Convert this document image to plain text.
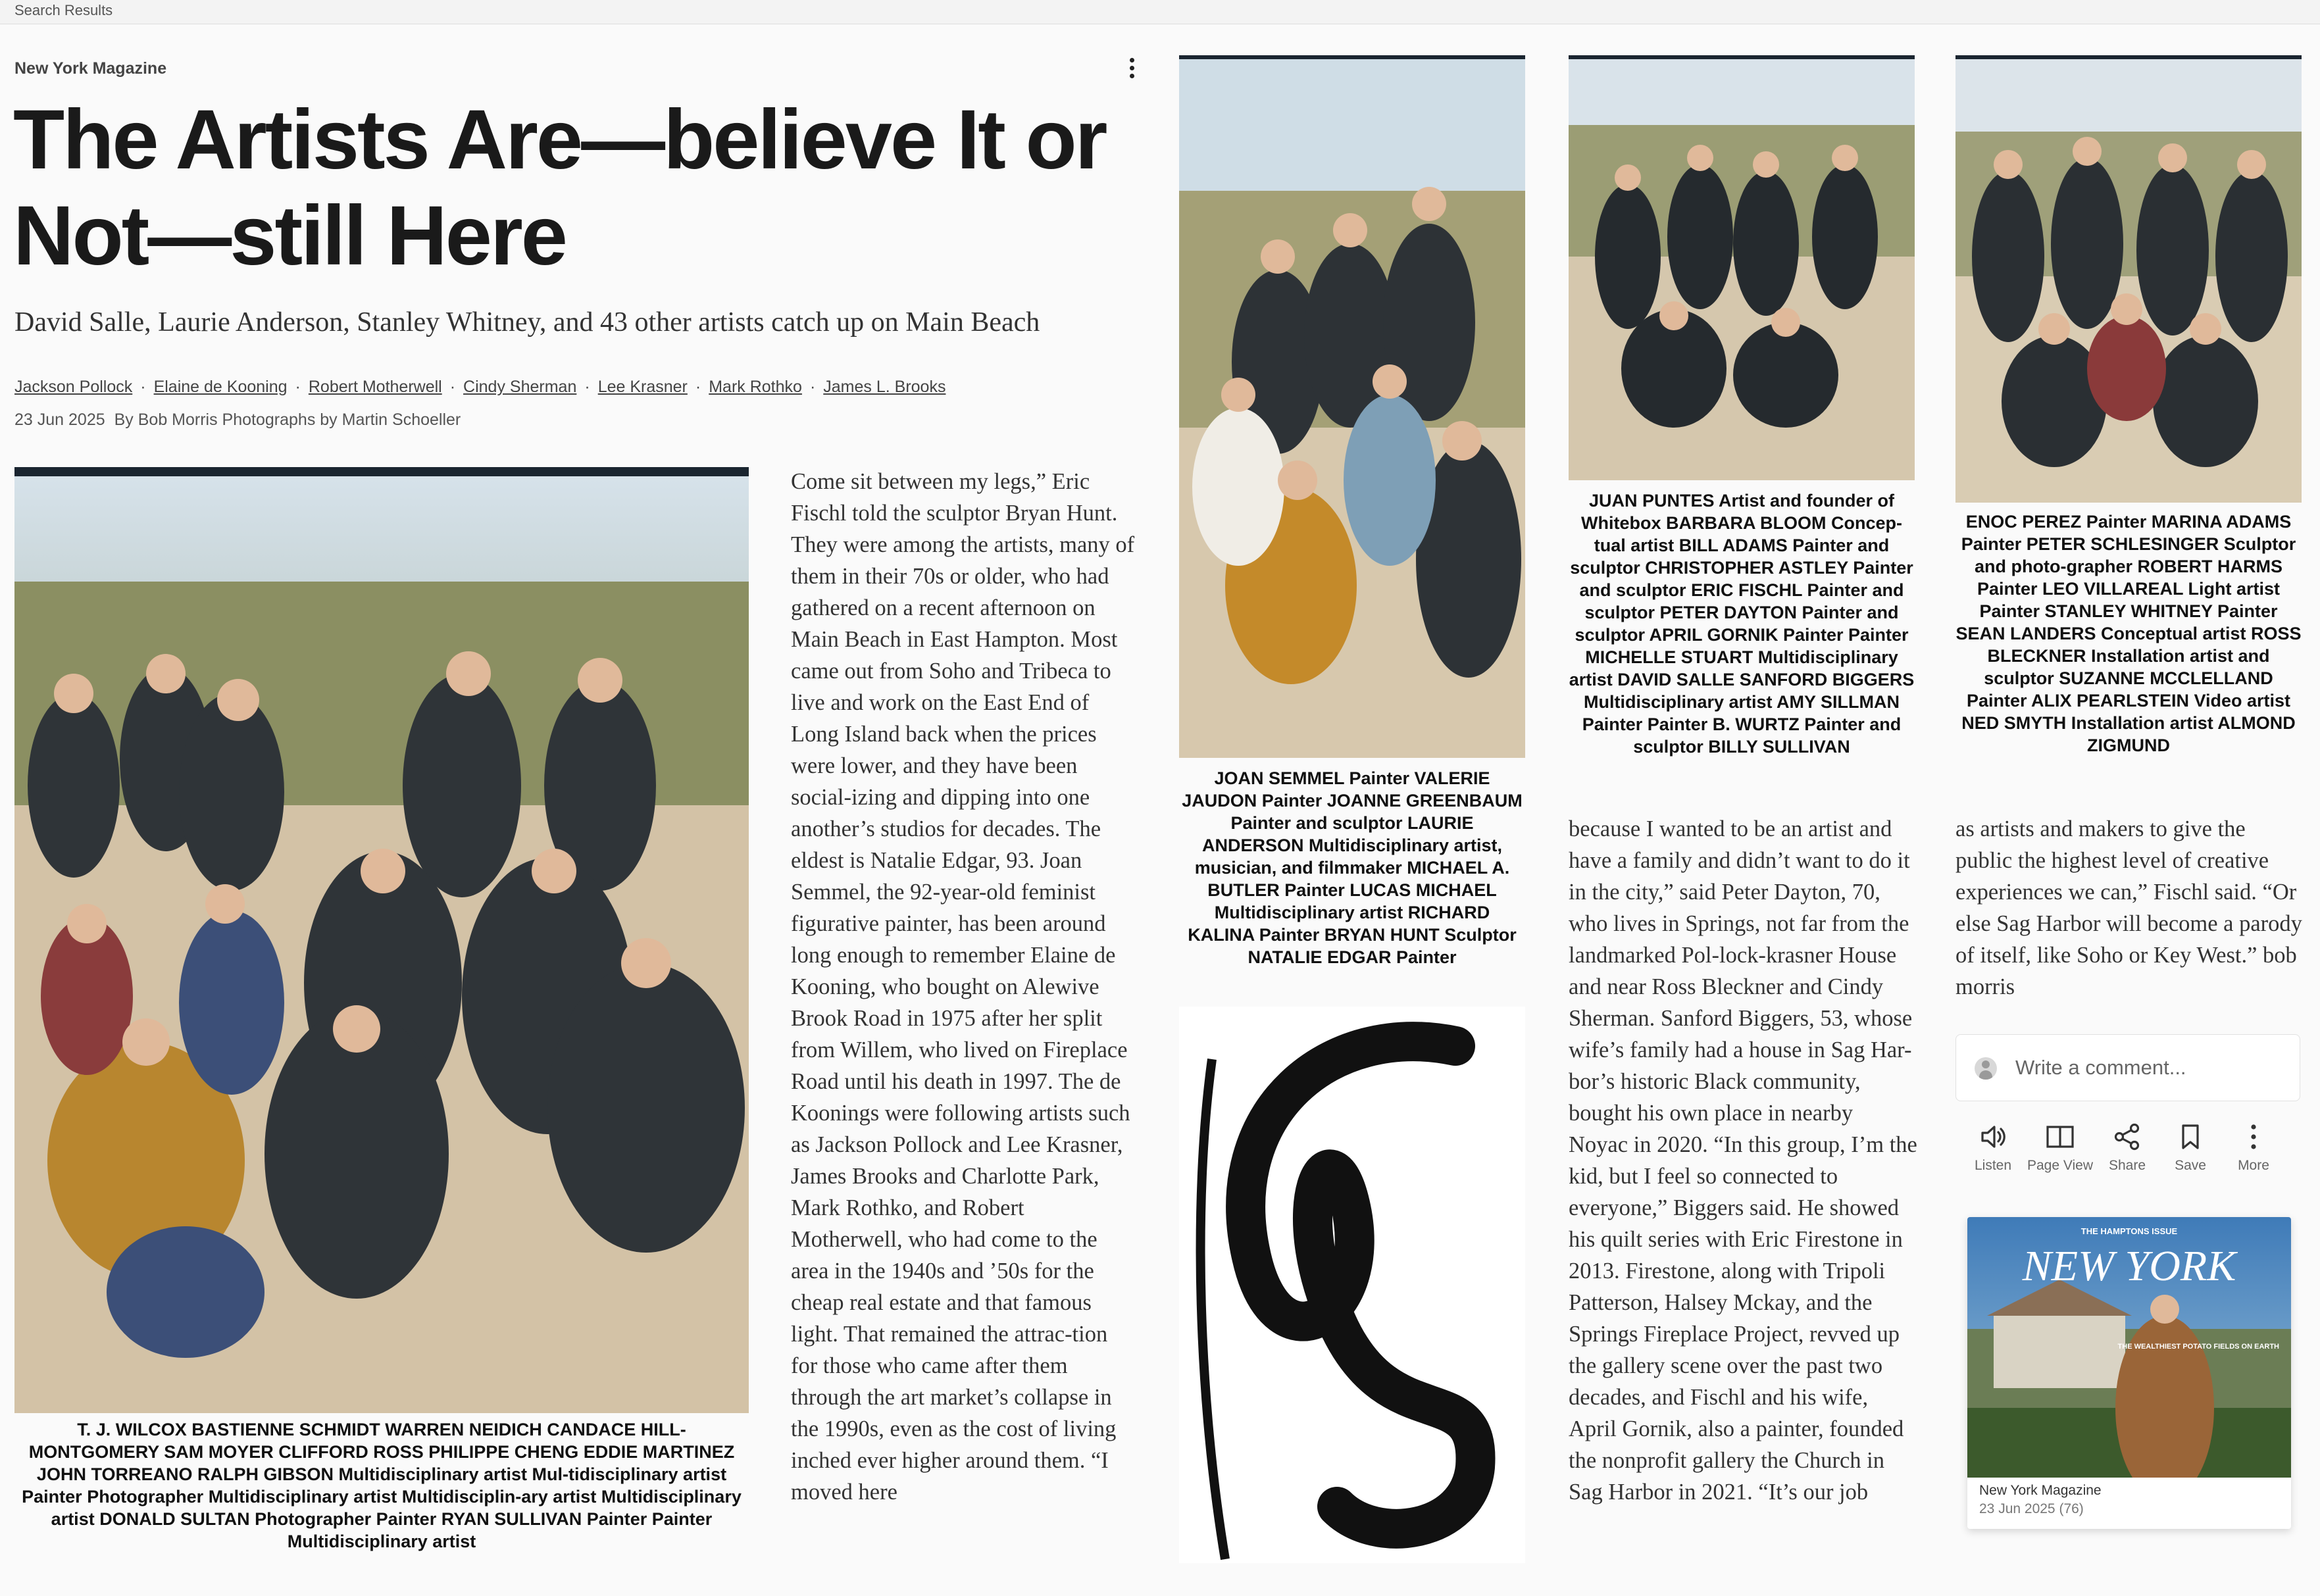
Search Results
New York Magazine
The Artists Are—believe It or
Not—still Here
David Salle, Laurie Anderson, Stanley Whitney, and 43 other artists catch up on Main Beach
Jackson Pollock · Elaine de Kooning · Robert Motherwell · Cindy Sherman · Lee Krasner · Mark Rothko · James L. Brooks
23 Jun 2025 By Bob Morris Photographs by Martin Schoeller
T. J. WILCOX BASTIENNE SCHMIDT WARREN NEIDICH CANDACE HILL-MONTGOMERY SAM MOYER CLIFFORD ROSS PHILIPPE CHENG EDDIE MARTINEZ JOHN TORREANO RALPH GIBSON Multidisciplinary artist Mul-tidisciplinary artist Painter Photographer Multidisciplinary artist Multidisciplin-ary artist Multidisciplinary artist DONALD SULTAN Photographer Painter RYAN SULLIVAN Painter Painter Multidisciplinary artist

Come sit between my legs,” Eric Fischl told the sculptor Bryan Hunt. They were among the artists, many of them in their 70s or older, who had gathered on a recent afternoon on Main Beach in East Hampton. Most came out from Soho and Tribeca to live and work on the East End of Long Island back when the prices were lower, and they have been social-izing and dipping into one another’s studios for decades. The eldest is Natalie Edgar, 93. Joan Semmel, the 92-year-old feminist figurative painter, has been around long enough to remember Elaine de Kooning, who bought on Alewive Brook Road in 1975 after her split from Willem, who lived on Fireplace Road until his death in 1997. The de Koonings were following artists such as Jackson Pollock and Lee Krasner, James Brooks and Charlotte Park, Mark Rothko, and Robert Motherwell, who had come to the area in the 1940s and ’50s for the cheap real estate and that famous light. That remained the attrac-tion for those who came after them through the art market’s collapse in the 1990s, even as the cost of living inched ever higher around them. “I moved here

JOAN SEMMEL Painter VALERIE JAUDON Painter JOANNE GREENBAUM Painter and sculptor LAURIE ANDERSON Multidisciplinary artist, musician, and filmmaker MICHAEL A. BUTLER Painter LUCAS MICHAEL Multidisciplinary artist RICHARD KALINA Painter BRYAN HUNT Sculptor NATALIE EDGAR Painter
JUAN PUNTES Artist and founder of Whitebox BARBARA BLOOM Concep-tual artist BILL ADAMS Painter and sculptor CHRISTOPHER ASTLEY Painter and sculptor ERIC FISCHL Painter and sculptor PETER DAYTON Painter and sculptor APRIL GORNIK Painter Painter MICHELLE STUART Multidisciplinary artist DAVID SALLE SANFORD BIGGERS Multidisciplinary artist AMY SILLMAN Painter Painter B. WURTZ Painter and sculptor BILLY SULLIVAN

because I wanted to be an artist and have a family and didn’t want to do it in the city,” said Peter Dayton, 70, who lives in Springs, not far from the landmarked Pol-lock-krasner House and near Ross Bleckner and Cindy Sherman. Sanford Biggers, 53, whose wife’s family had a house in Sag Har-bor’s historic Black community, bought his own place in nearby Noyac in 2020. “In this group, I’m the kid, but I feel so connected to everyone,” Biggers said. He showed his quilt series with Eric Firestone in 2013. Firestone, along with Tripoli Patterson, Halsey Mckay, and the Springs Fireplace Project, revved up the gallery scene over the past two decades, and Fischl and his wife, April Gornik, also a painter, founded the nonprofit gallery the Church in Sag Harbor in 2021. “It’s our job

ENOC PEREZ Painter MARINA ADAMS Painter PETER SCHLESINGER Sculptor and photo-grapher ROBERT HARMS Painter LEO VILLAREAL Light artist Painter STANLEY WHITNEY Painter SEAN LANDERS Conceptual artist ROSS BLECKNER Installation artist and sculptor SUZANNE MCCLELLAND Painter ALIX PEARLSTEIN Video artist NED SMYTH Installation artist ALMOND ZIGMUND

as artists and makers to give the public the highest level of creative experiences we can,” Fischl said. “Or else Sag Harbor will become a parody of itself, like Soho or Key West.” bob morris

Write a comment...
Listen	Page View	Share	Save	More
THE HAMPTONS ISSUE
NEW YORK
THE WEALTHIEST POTATO FIELDS ON EARTH
New York Magazine
23 Jun 2025 (76)
